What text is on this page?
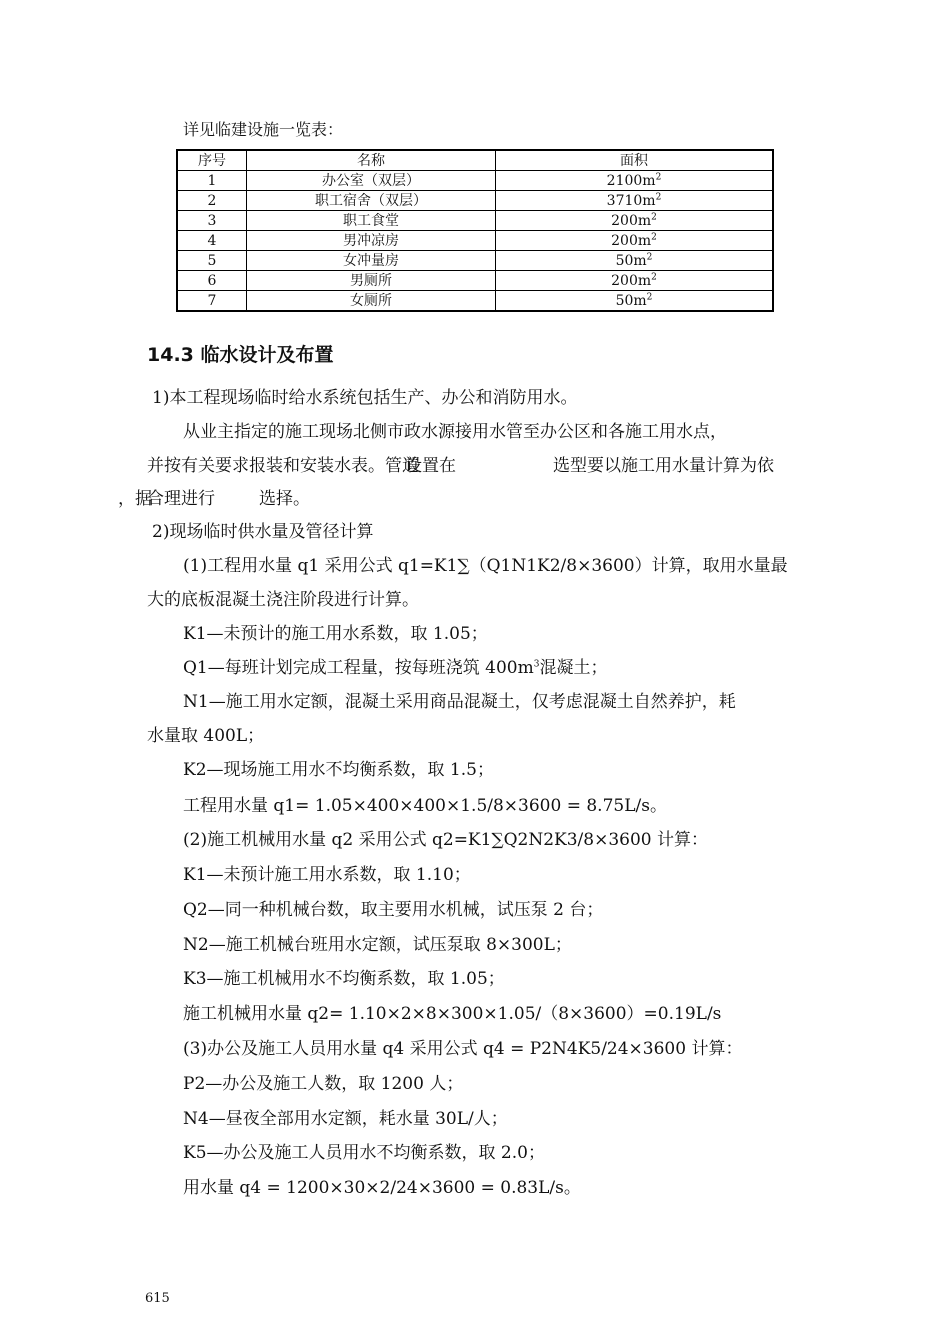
详见临建设施一览表：
序号	名称	面积
1	办公室（双层）	$2100m^2$
2	职工宿舍（双层）	$3710m^2$
3	职工食堂	$200m^2$
4	男冲凉房	$200m^2$
5	女冲量房	$50m^2$
6	男厕所	$200m^2$
7	女厕所	$50m^2$
14.3 临水设计及布置
1)本工程现场临时给水系统包括生产、办公和消防用水。
从业主指定的施工现场北侧市政水源接用水管至办公区和各施工用水点，
并按有关要求报装和安装水表。管道
设置在	选型要以施工用水量计算为依
，据
合理进行	选择。
2)现场临时供水量及管径计算
(1)工程用水量 q1 采用公式 q1=K1∑（Q1N1K2/8×3600）计算，取用水量最
大的底板混凝土浇注阶段进行计算。
K1—未预计的施工用水系数，取 1.05；
Q1—每班计划完成工程量，按每班浇筑 $400m^3$混凝土；
N1—施工用水定额，混凝土采用商品混凝土，仅考虑混凝土自然养护，耗
水量取 400L；
K2—现场施工用水不均衡系数，取 1.5；
工程用水量 q1= 1.05×400×400×1.5/8×3600 = 8.75L/s。
(2)施工机械用水量 q2 采用公式 q2=K1∑Q2N2K3/8×3600 计算：
K1—未预计施工用水系数，取 1.10；
Q2—同一种机械台数，取主要用水机械，试压泵 2 台；
N2—施工机械台班用水定额，试压泵取 8×300L；
K3—施工机械用水不均衡系数，取 1.05；
施工机械用水量 q2= 1.10×2×8×300×1.05/（8×3600）=0.19L/s
(3)办公及施工人员用水量 q4 采用公式 q4 = P2N4K5/24×3600 计算：
P2—办公及施工人数，取 1200 人；
N4—昼夜全部用水定额，耗水量 30L/人；
K5—办公及施工人员用水不均衡系数，取 2.0；
用水量 q4 = 1200×30×2/24×3600 = 0.83L/s。
615
